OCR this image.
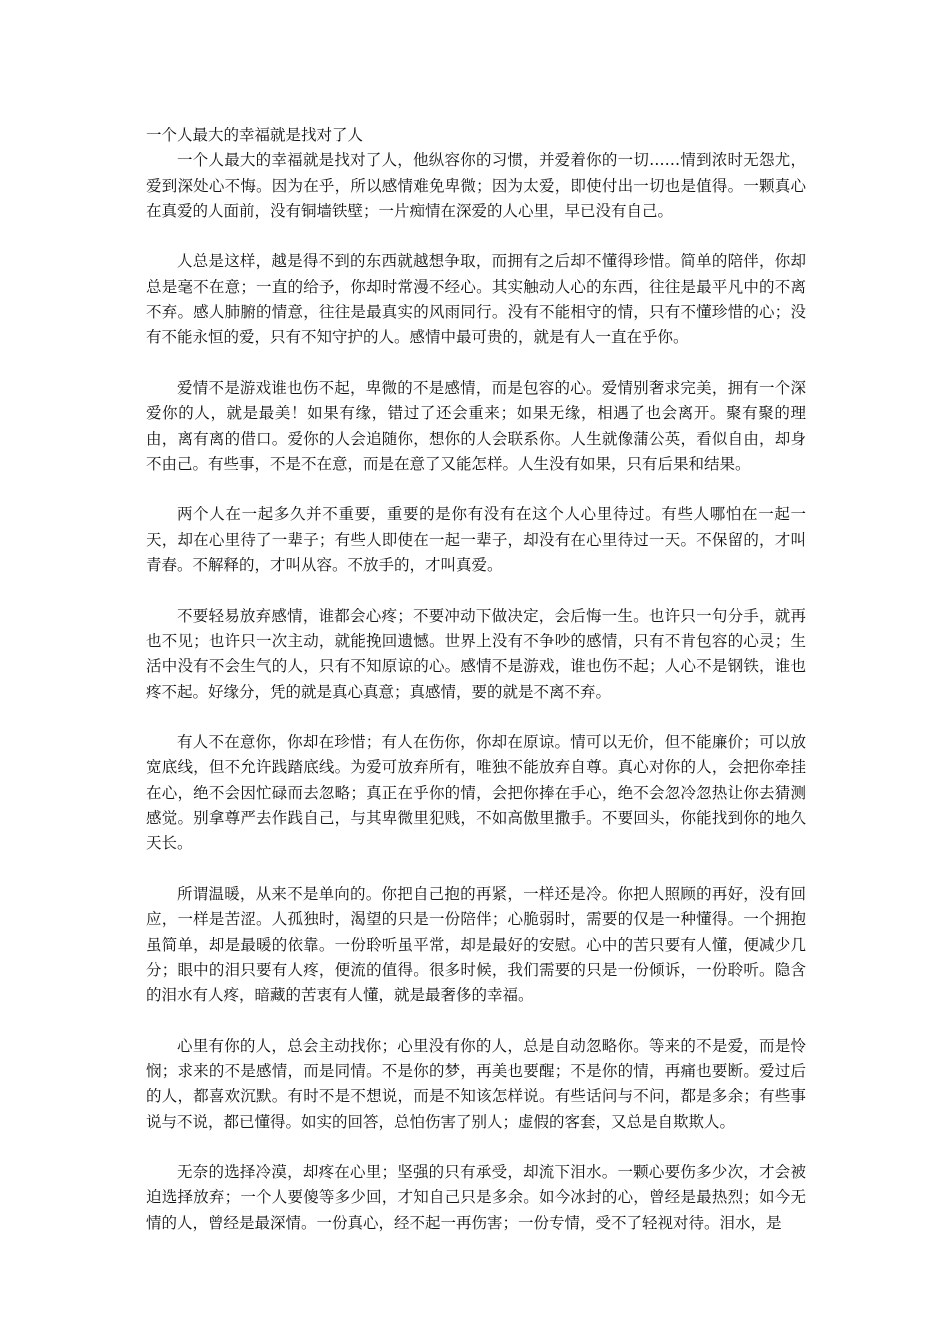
一个人最大的幸福就是找对了人

一个人最大的幸福就是找对了人，他纵容你的习惯，并爱着你的一切……情到浓时无怨尤，爱到深处心不悔。因为在乎，所以感情难免卑微；因为太爱，即使付出一切也是值得。一颗真心在真爱的人面前，没有铜墙铁壁；一片痴情在深爱的人心里，早已没有自己。

人总是这样，越是得不到的东西就越想争取，而拥有之后却不懂得珍惜。简单的陪伴，你却总是毫不在意；一直的给予，你却时常漫不经心。其实触动人心的东西，往往是最平凡中的不离不弃。感人肺腑的情意，往往是最真实的风雨同行。没有不能相守的情，只有不懂珍惜的心；没有不能永恒的爱，只有不知守护的人。感情中最可贵的，就是有人一直在乎你。

爱情不是游戏谁也伤不起，卑微的不是感情，而是包容的心。爱情别奢求完美，拥有一个深爱你的人，就是最美！如果有缘，错过了还会重来；如果无缘，相遇了也会离开。聚有聚的理由，离有离的借口。爱你的人会追随你，想你的人会联系你。人生就像蒲公英，看似自由，却身不由己。有些事，不是不在意，而是在意了又能怎样。人生没有如果，只有后果和结果。

两个人在一起多久并不重要，重要的是你有没有在这个人心里待过。有些人哪怕在一起一天，却在心里待了一辈子；有些人即使在一起一辈子，却没有在心里待过一天。不保留的，才叫青春。不解释的，才叫从容。不放手的，才叫真爱。

不要轻易放弃感情，谁都会心疼；不要冲动下做决定，会后悔一生。也许只一句分手，就再也不见；也许只一次主动，就能挽回遗憾。世界上没有不争吵的感情，只有不肯包容的心灵；生活中没有不会生气的人，只有不知原谅的心。感情不是游戏，谁也伤不起；人心不是钢铁，谁也疼不起。好缘分，凭的就是真心真意；真感情，要的就是不离不弃。

有人不在意你，你却在珍惜；有人在伤你，你却在原谅。情可以无价，但不能廉价；可以放宽底线，但不允许践踏底线。为爱可放弃所有，唯独不能放弃自尊。真心对你的人，会把你牵挂在心，绝不会因忙碌而去忽略；真正在乎你的情，会把你捧在手心，绝不会忽冷忽热让你去猜测感觉。别拿尊严去作践自己，与其卑微里犯贱，不如高傲里撒手。不要回头，你能找到你的地久天长。

所谓温暖，从来不是单向的。你把自己抱的再紧，一样还是冷。你把人照顾的再好，没有回应，一样是苦涩。人孤独时，渴望的只是一份陪伴；心脆弱时，需要的仅是一种懂得。一个拥抱虽简单，却是最暖的依靠。一份聆听虽平常，却是最好的安慰。心中的苦只要有人懂，便减少几分；眼中的泪只要有人疼，便流的值得。很多时候，我们需要的只是一份倾诉，一份聆听。隐含的泪水有人疼，暗藏的苦衷有人懂，就是最奢侈的幸福。

心里有你的人，总会主动找你；心里没有你的人，总是自动忽略你。等来的不是爱，而是怜悯；求来的不是感情，而是同情。不是你的梦，再美也要醒；不是你的情，再痛也要断。爱过后的人，都喜欢沉默。有时不是不想说，而是不知该怎样说。有些话问与不问，都是多余；有些事说与不说，都已懂得。如实的回答，总怕伤害了别人；虚假的客套，又总是自欺欺人。

无奈的选择冷漠，却疼在心里；坚强的只有承受，却流下泪水。一颗心要伤多少次，才会被迫选择放弃；一个人要傻等多少回，才知自己只是多余。如今冰封的心，曾经是最热烈；如今无情的人，曾经是最深情。一份真心，经不起一再伤害；一份专情，受不了轻视对待。泪水，是
